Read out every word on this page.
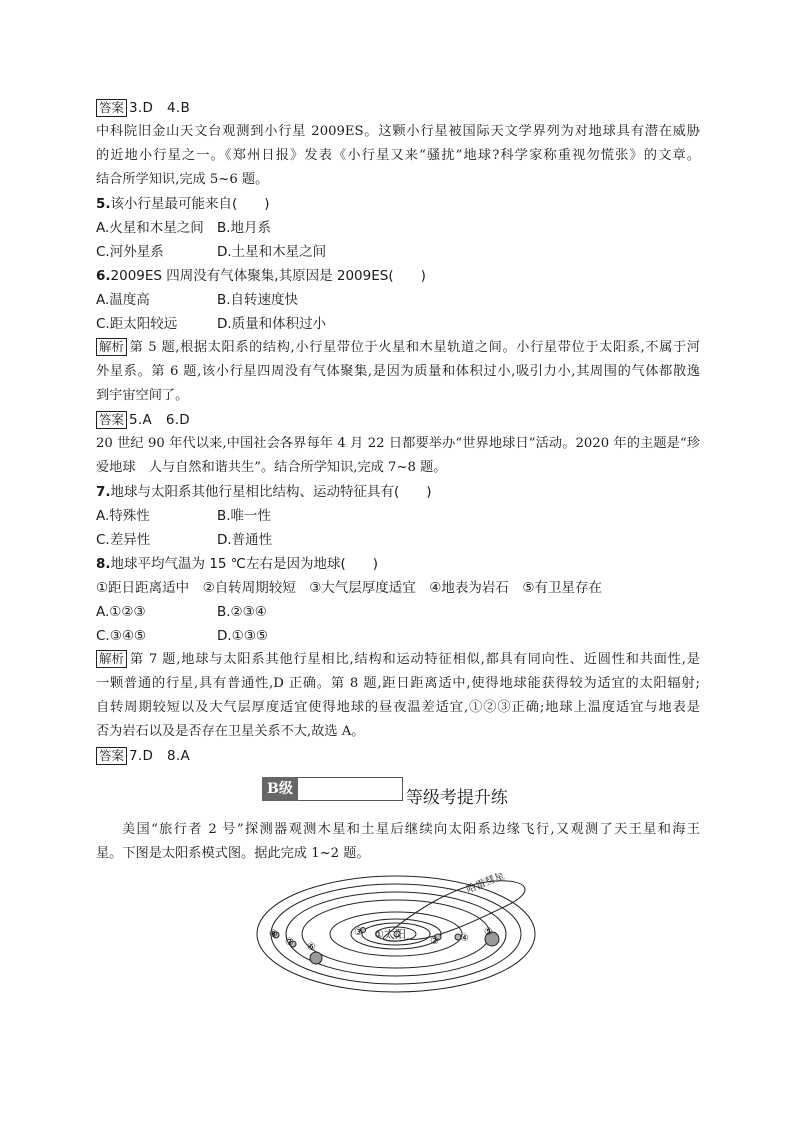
答案 3.D　4.B
中科院旧金山天文台观测到小行星 2009ES。这颗小行星被国际天文学界列为对地球具有潜在威胁
的近地小行星之一。《郑州日报》发表《小行星又来“骚扰”地球?科学家称重视勿慌张》的文章。
结合所学知识,完成 5~6 题。
5.该小行星最可能来自(　　)
A.火星和木星之间 B.地月系
C.河外星系	D.土星和木星之间
6.2009ES 四周没有气体聚集,其原因是 2009ES(　　)
A.温度高	B.自转速度快
C.距太阳较远	D.质量和体积过小
解析 第 5 题,根据太阳系的结构,小行星带位于火星和木星轨道之间。小行星带位于太阳系,不属于河
外星系。第 6 题,该小行星四周没有气体聚集,是因为质量和体积过小,吸引力小,其周围的气体都散逸
到宇宙空间了。
答案 5.A　6.D
20 世纪 90 年代以来,中国社会各界每年 4 月 22 日都要举办“世界地球日”活动。2020 年的主题是“珍
爱地球　人与自然和谐共生”。结合所学知识,完成 7~8 题。
7.地球与太阳系其他行星相比结构、运动特征具有(　　)
A.特殊性	B.唯一性
C.差异性	D.普通性
8.地球平均气温为 15 ℃左右是因为地球(　　)
①距日距离适中　②自转周期较短　③大气层厚度适宜　④地表为岩石　⑤有卫星存在
A.①②③	B.②③④
C.③④⑤	D.①③⑤
解析 第 7 题,地球与太阳系其他行星相比,结构和运动特征相似,都具有同向性、近圆性和共面性,是
一颗普通的行星,具有普通性,D 正确。第 8 题,距日距离适中,使得地球能获得较为适宜的太阳辐射;
自转周期较短以及大气层厚度适宜使得地球的昼夜温差适宜,①②③正确;地球上温度适宜与地表是
否为岩石以及是否存在卫星关系不大,故选 A。
答案 7.D　8.A
B级	等级考提升练
美国“旅行者 2 号”探测器观测木星和土星后继续向太阳系边缘飞行,又观测了天王星和海王
星。下图是太阳系模式图。据此完成 1~2 题。
①太阳
哈雷彗星
②
③
④
⑤
⑥
⑦
⑧
